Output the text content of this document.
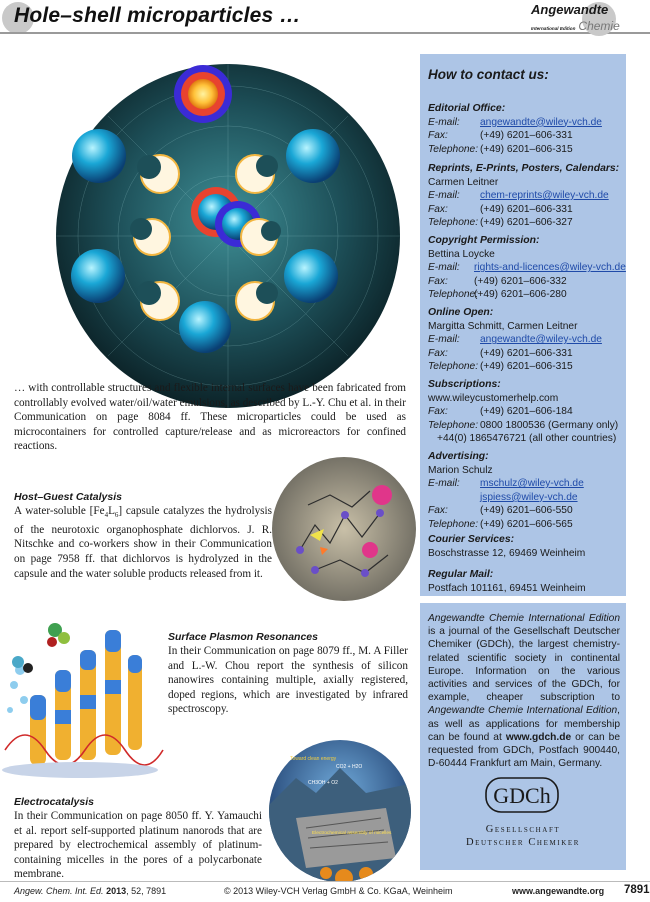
Hole–shell microparticles …	Angewandte
International Edition Chemie
… with controllable structures and flexible internal surfaces have been fabricated from controllably evolved water/oil/water emulsions, as described by L.-Y. Chu et al. in their Communication on page 8084 ff. These microparticles could be used as microcontainers for controlled capture/release and as microreactors for confined reactions.
Host–Guest Catalysis
A water-soluble $[Fe_4L_6]$ capsule catalyzes the hydrolysis of the neurotoxic organophosphate dichlorvos. J. R. Nitschke and co-workers show in their Communication on page 7958 ff. that dichlorvos is hydrolyzed in the capsule and the water soluble products released from it.
Surface Plasmon Resonances
In their Communication on page 8079 ff., M. A Filler and L.-W. Chou report the synthesis of silicon nanowires containing multiple, axially registered, doped regions, which are investigated by infrared spectroscopy.
Electrocatalysis
In their Communication on page 8050 ff. Y. Yamauchi et al. report self-supported platinum nanorods that are prepared by electrochemical assembly of platinum-containing micelles in the pores of a polycarbonate membrane.
Toward clean energy
CO2 + H2O
CH3OH + O2
Electrochemical assembly of micelles
How to contact us:
Editorial Office:
E-mail: angewandte@wiley-vch.de
Fax:	(+49) 6201–606-331
Telephone: (+49) 6201–606-315
Reprints, E-Prints, Posters, Calendars:
Carmen Leitner
E-mail: chem-reprints@wiley-vch.de
Fax:	(+49) 6201–606-331
Telephone: (+49) 6201–606-327
Copyright Permission:
Bettina Loycke
E-mail: rights-and-licences@wiley-vch.de
Fax:	(+49) 6201–606-332
Telephone:(+49) 6201–606-280
Online Open:
Margitta Schmitt, Carmen Leitner
E-mail: angewandte@wiley-vch.de
Fax:	(+49) 6201–606-331
Telephone: (+49) 6201–606-315
Subscriptions:
www.wileycustomerhelp.com
Fax:	(+49) 6201–606-184
Telephone: 0800 1800536 (Germany only)
+44(0) 1865476721 (all other countries)
Advertising:
Marion Schulz
E-mail: mschulz@wiley-vch.de
jspiess@wiley-vch.de
Fax:	(+49) 6201–606-550
Telephone: (+49) 6201–606-565
Courier Services:
Boschstrasse 12, 69469 Weinheim
Regular Mail:
Postfach 101161, 69451 Weinheim
Angewandte Chemie International Edition is a journal of the Gesellschaft Deutscher Chemiker (GDCh), the largest chemistry-related scientific society in continental Europe. Information on the various activities and services of the GDCh, for example, cheaper subscription to Angewandte Chemie International Edition, as well as applications for membership can be found at www.gdch.de or can be requested from GDCh, Postfach 900440, D-60444 Frankfurt am Main, Germany.
GDCh
Gesellschaft
Deutscher Chemiker
Angew. Chem. Int. Ed. 2013, 52, 7891	© 2013 Wiley-VCH Verlag GmbH & Co. KGaA, Weinheim	www.angewandte.org 7891
